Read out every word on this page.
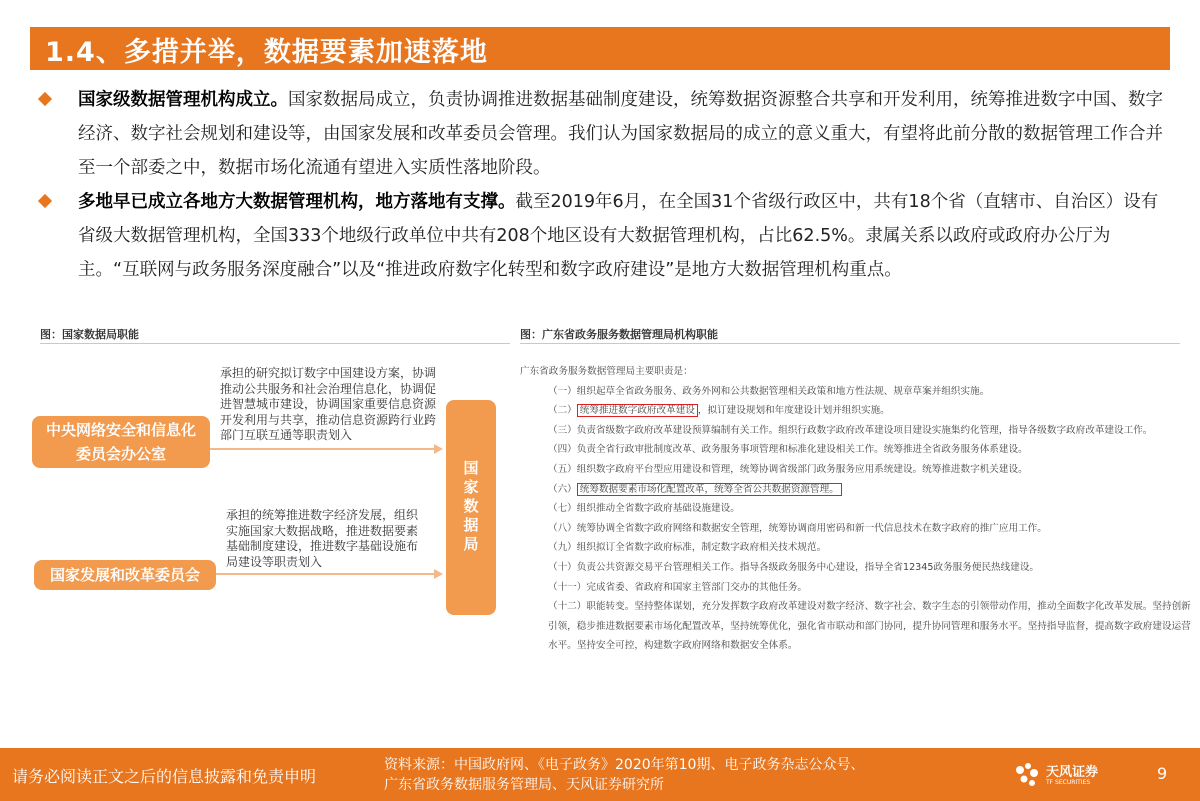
1.4、多措并举，数据要素加速落地
国家级数据管理机构成立。国家数据局成立，负责协调推进数据基础制度建设，统筹数据资源整合共享和开发利用，统筹推进数字中国、数字经济、数字社会规划和建设等，由国家发展和改革委员会管理。我们认为国家数据局的成立的意义重大，有望将此前分散的数据管理工作合并至一个部委之中，数据市场化流通有望进入实质性落地阶段。
多地早已成立各地方大数据管理机构，地方落地有支撑。截至2019年6月，在全国31个省级行政区中，共有18个省（直辖市、自治区）设有省级大数据管理机构，全国333个地级行政单位中共有208个地区设有大数据管理机构，占比62.5%。隶属关系以政府或政府办公厅为主。“互联网与政务服务深度融合”以及“推进政府数字化转型和数字政府建设”是地方大数据管理机构重点。
图：国家数据局职能
承担的研究拟订数字中国建设方案，协调推动公共服务和社会治理信息化，协调促进智慧城市建设，协调国家重要信息资源开发利用与共享，推动信息资源跨行业跨部门互联互通等职责划入
中央网络安全和信息化委员会办公室
承担的统筹推进数字经济发展，组织实施国家大数据战略，推进数据要素基础制度建设，推进数字基础设施布局建设等职责划入
国家发展和改革委员会
国家数据局
图：广东省政务服务数据管理局机构职能
广东省政务服务数据管理局主要职责是：
（一）组织起草全省政务服务、政务外网和公共数据管理相关政策和地方性法规、规章草案并组织实施。
（二） 统筹推进数字政府改革建设 ，拟订建设规划和年度建设计划并组织实施。
（三）负责省级数字政府改革建设预算编制有关工作。组织行政数字政府改革建设项目建设实施集约化管理，指导各级数字政府改革建设工作。
（四）负责全省行政审批制度改革、政务服务事项管理和标准化建设相关工作。统筹推进全省政务服务体系建设。
（五）组织数字政府平台型应用建设和管理，统筹协调省级部门政务服务应用系统建设。统筹推进数字机关建设。
（六） 统筹数据要素市场化配置改革，统筹全省公共数据资源管理。
（七）组织推动全省数字政府基础设施建设。
（八）统筹协调全省数字政府网络和数据安全管理，统筹协调商用密码和新一代信息技术在数字政府的推广应用工作。
（九）组织拟订全省数字政府标准，制定数字政府相关技术规范。
（十）负责公共资源交易平台管理相关工作。指导各级政务服务中心建设，指导全省12345政务服务便民热线建设。
（十一）完成省委、省政府和国家主管部门交办的其他任务。
（十二）职能转变。坚持整体谋划，充分发挥数字政府改革建设对数字经济、数字社会、数字生态的引领带动作用，推动全面数字化改革发展。坚持创新引领，稳步推进数据要素市场化配置改革，坚持统筹优化，强化省市联动和部门协同，提升协同管理和服务水平。坚持指导监督，提高数字政府建设运营水平。坚持安全可控，构建数字政府网络和数据安全体系。
请务必阅读正文之后的信息披露和免责申明
资料来源：中国政府网、《电子政务》2020年第10期、电子政务杂志公众号、
广东省政务数据服务管理局、天风证券研究所
天风证券
TF SECURITIES	9
